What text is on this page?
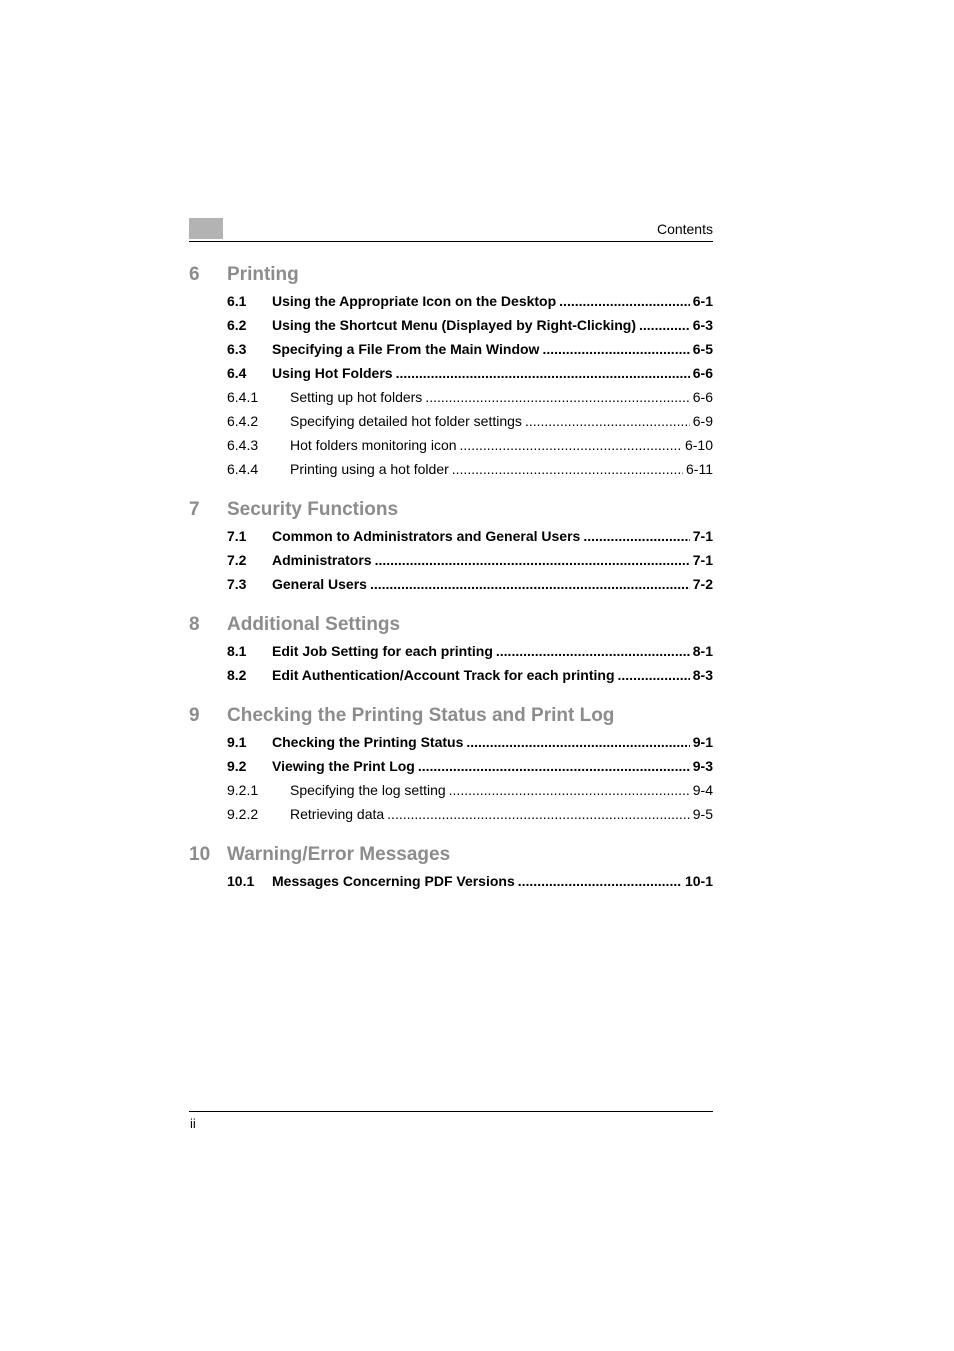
Contents
6	Printing
6.1	Using the Appropriate Icon on the Desktop .....	6-1
6.2	Using the Shortcut Menu (Displayed by Right-Clicking) .....	6-3
6.3	Specifying a File From the Main Window .....	6-5
6.4	Using Hot Folders .....	6-6
6.4.1	Setting up hot folders .....	6-6
6.4.2	Specifying detailed hot folder settings .....	6-9
6.4.3	Hot folders monitoring icon .....	6-10
6.4.4	Printing using a hot folder .....	6-11
7	Security Functions
7.1	Common to Administrators and General Users .....	7-1
7.2	Administrators .....	7-1
7.3	General Users .....	7-2
8	Additional Settings
8.1	Edit Job Setting for each printing .....	8-1
8.2	Edit Authentication/Account Track for each printing .....	8-3
9	Checking the Printing Status and Print Log
9.1	Checking the Printing Status .....	9-1
9.2	Viewing the Print Log .....	9-3
9.2.1	Specifying the log setting .....	9-4
9.2.2	Retrieving data .....	9-5
10 Warning/Error Messages
10.1	Messages Concerning PDF Versions .....	10-1
ii
